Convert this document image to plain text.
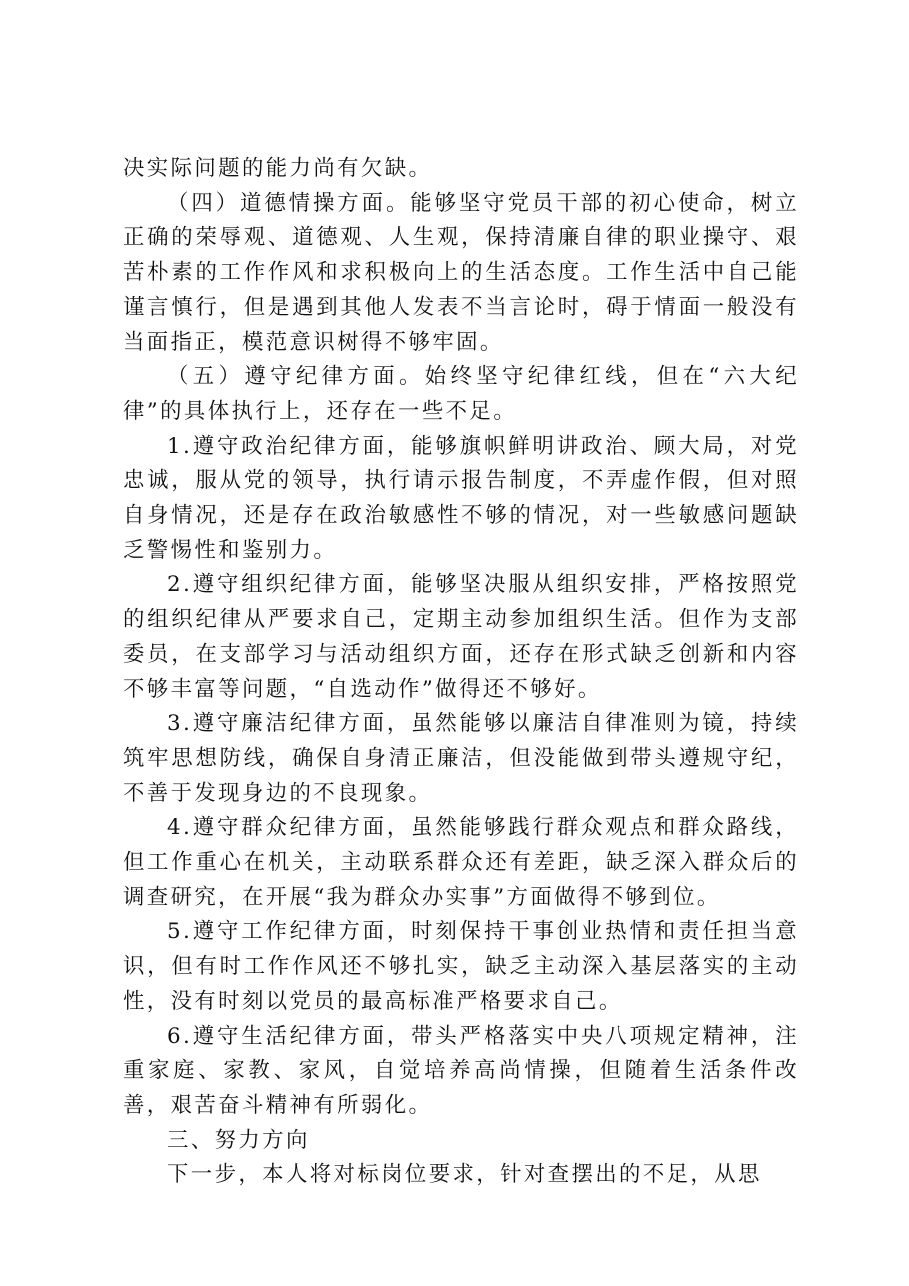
决实际问题的能力尚有欠缺。

（四）道德情操方面。能够坚守党员干部的初心使命，树立正确的荣辱观、道德观、人生观，保持清廉自律的职业操守、艰苦朴素的工作作风和求积极向上的生活态度。工作生活中自己能谨言慎行，但是遇到其他人发表不当言论时，碍于情面一般没有当面指正，模范意识树得不够牢固。

（五）遵守纪律方面。始终坚守纪律红线，但在“六大纪律”的具体执行上，还存在一些不足。

1.遵守政治纪律方面，能够旗帜鲜明讲政治、顾大局，对党忠诚，服从党的领导，执行请示报告制度，不弄虚作假，但对照自身情况，还是存在政治敏感性不够的情况，对一些敏感问题缺乏警惕性和鉴别力。

2.遵守组织纪律方面，能够坚决服从组织安排，严格按照党的组织纪律从严要求自己，定期主动参加组织生活。但作为支部委员，在支部学习与活动组织方面，还存在形式缺乏创新和内容不够丰富等问题，“自选动作”做得还不够好。

3.遵守廉洁纪律方面，虽然能够以廉洁自律准则为镜，持续筑牢思想防线，确保自身清正廉洁，但没能做到带头遵规守纪，不善于发现身边的不良现象。

4.遵守群众纪律方面，虽然能够践行群众观点和群众路线，但工作重心在机关，主动联系群众还有差距，缺乏深入群众后的调查研究，在开展“我为群众办实事”方面做得不够到位。

5.遵守工作纪律方面，时刻保持干事创业热情和责任担当意识，但有时工作作风还不够扎实，缺乏主动深入基层落实的主动性，没有时刻以党员的最高标准严格要求自己。

6.遵守生活纪律方面，带头严格落实中央八项规定精神，注重家庭、家教、家风，自觉培养高尚情操，但随着生活条件改善，艰苦奋斗精神有所弱化。

三、努力方向

下一步，本人将对标岗位要求，针对查摆出的不足，从思
